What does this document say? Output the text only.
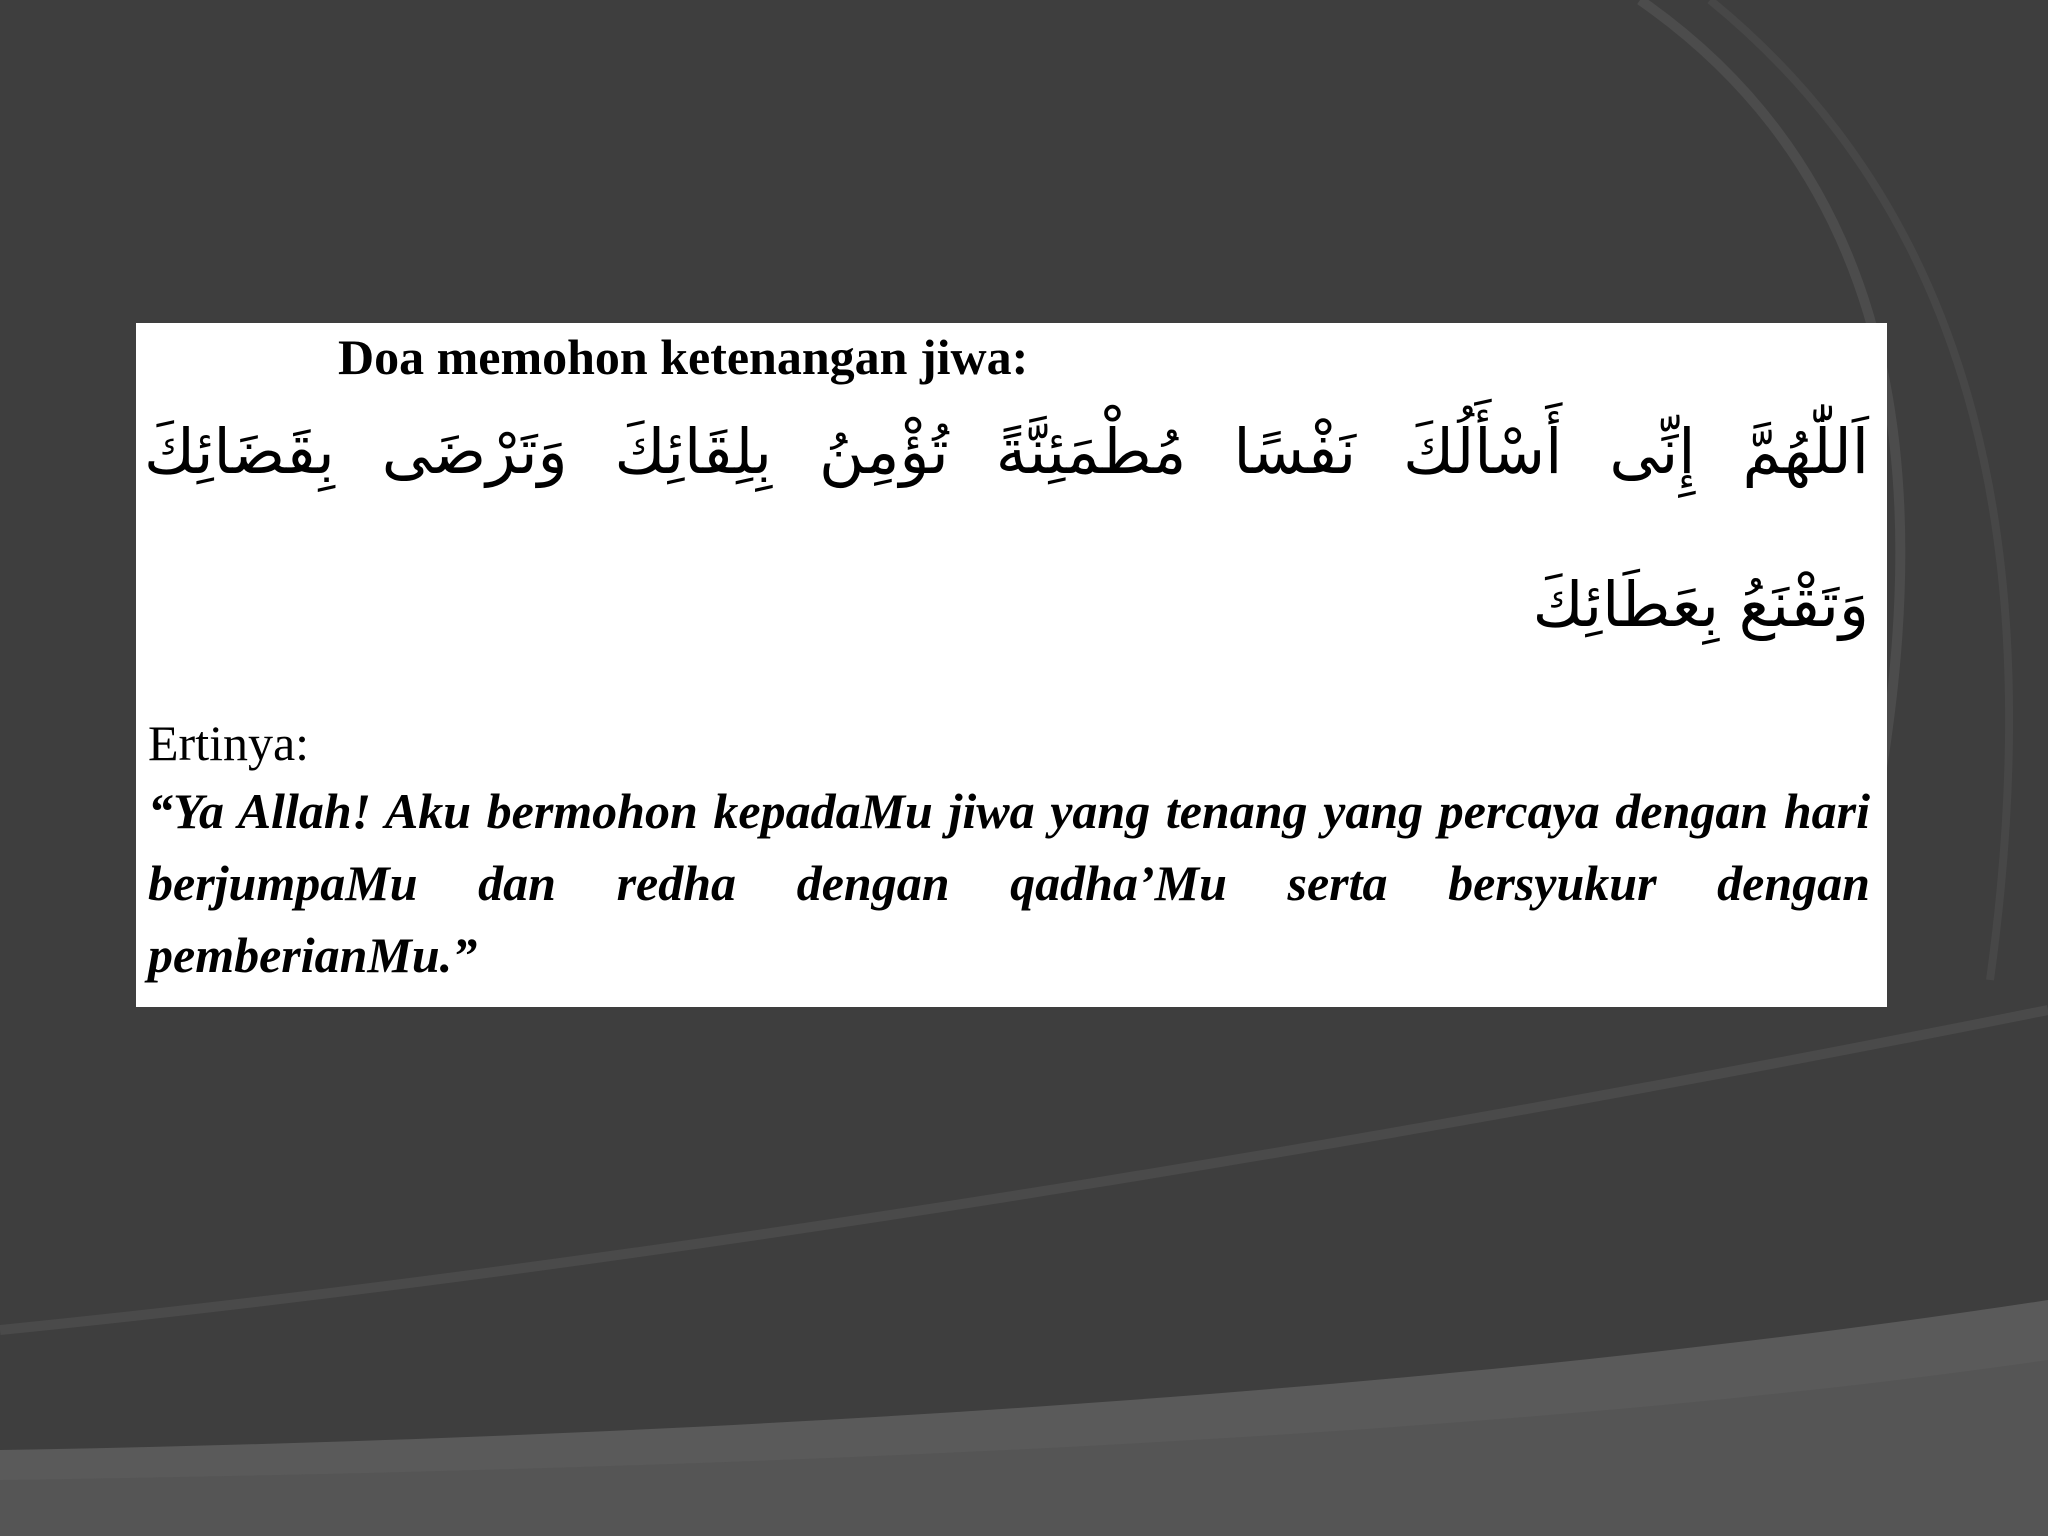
Doa memohon ketenangan jiwa:
اَللّٰهُمَّ إِنِّى أَسْأَلُكَ نَفْسًا مُطْمَئِنَّةً تُؤْمِنُ بِلِقَائِكَ وَتَرْضَى بِقَضَائِكَ
وَتَقْنَعُ بِعَطَائِكَ
Ertinya:
“Ya Allah! Aku bermohon kepadaMu jiwa yang tenang yang percaya dengan hari berjumpaMu dan redha dengan qadha’Mu serta bersyukur dengan pemberianMu.”
